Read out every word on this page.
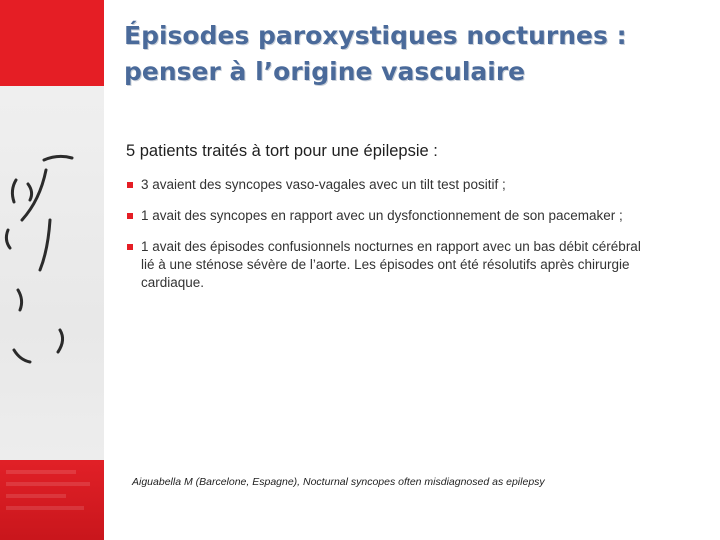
Épisodes paroxystiques nocturnes :
penser à l’origine vasculaire

5 patients traités à tort pour une épilepsie :

3 avaient des syncopes vaso-vagales avec un tilt test positif ;
1 avait des syncopes en rapport avec un dysfonctionnement de son pacemaker ;
1 avait des épisodes confusionnels nocturnes en rapport avec un bas débit cérébral lié à une sténose sévère de l’aorte. Les épisodes ont été résolutifs après chirurgie cardiaque.

Aiguabella M (Barcelone, Espagne), Nocturnal syncopes often misdiagnosed as epilepsy
